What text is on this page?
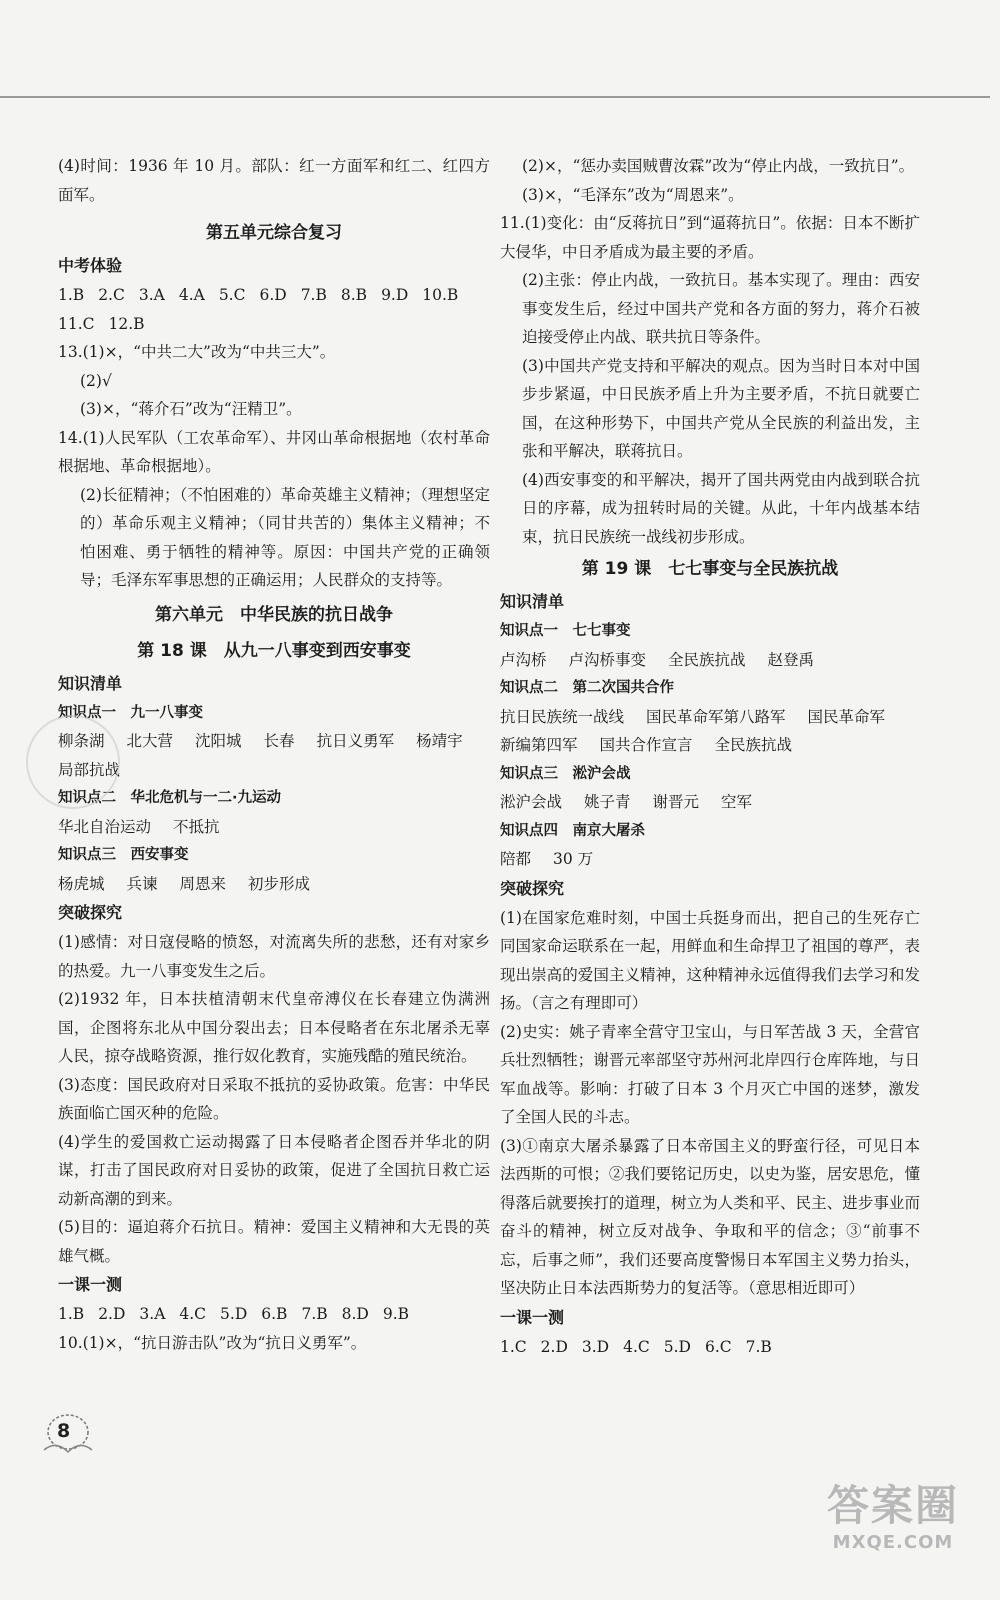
(4)时间：1936 年 10 月。部队：红一方面军和红二、红四方面军。

第五单元综合复习
中考体验

1.B 2.C 3.A 4.A 5.C 6.D 7.B 8.B 9.D 10.B

11.C 12.B

13.(1)×，“中共二大”改为“中共三大”。

(2)√

(3)×，“蒋介石”改为“汪精卫”。

14.(1)人民军队（工农革命军）、井冈山革命根据地（农村革命根据地、革命根据地）。

(2)长征精神；（不怕困难的）革命英雄主义精神；（理想坚定的）革命乐观主义精神；（同甘共苦的）集体主义精神；不怕困难、勇于牺牲的精神等。原因：中国共产党的正确领导；毛泽东军事思想的正确运用；人民群众的支持等。

第六单元　中华民族的抗日战争
第 18 课　从九一八事变到西安事变
知识清单
知识点一　九一八事变

柳条湖 北大营 沈阳城 长春 抗日义勇军 杨靖宇

局部抗战

知识点二　华北危机与一二·九运动

华北自治运动 不抵抗

知识点三　西安事变

杨虎城 兵谏 周恩来 初步形成

突破探究

(1)感情：对日寇侵略的愤怒，对流离失所的悲愁，还有对家乡的热爱。九一八事变发生之后。

(2)1932 年，日本扶植清朝末代皇帝溥仪在长春建立伪满洲国，企图将东北从中国分裂出去；日本侵略者在东北屠杀无辜人民，掠夺战略资源，推行奴化教育，实施残酷的殖民统治。

(3)态度：国民政府对日采取不抵抗的妥协政策。危害：中华民族面临亡国灭种的危险。

(4)学生的爱国救亡运动揭露了日本侵略者企图吞并华北的阴谋，打击了国民政府对日妥协的政策，促进了全国抗日救亡运动新高潮的到来。

(5)目的：逼迫蒋介石抗日。精神：爱国主义精神和大无畏的英雄气概。

一课一测

1.B 2.D 3.A 4.C 5.D 6.B 7.B 8.D 9.B

10.(1)×，“抗日游击队”改为“抗日义勇军”。

(2)×，“惩办卖国贼曹汝霖”改为“停止内战，一致抗日”。

(3)×，“毛泽东”改为“周恩来”。

11.(1)变化：由“反蒋抗日”到“逼蒋抗日”。依据：日本不断扩大侵华，中日矛盾成为最主要的矛盾。

(2)主张：停止内战，一致抗日。基本实现了。理由：西安事变发生后，经过中国共产党和各方面的努力，蒋介石被迫接受停止内战、联共抗日等条件。

(3)中国共产党支持和平解决的观点。因为当时日本对中国步步紧逼，中日民族矛盾上升为主要矛盾，不抗日就要亡国，在这种形势下，中国共产党从全民族的利益出发，主张和平解决，联蒋抗日。

(4)西安事变的和平解决，揭开了国共两党由内战到联合抗日的序幕，成为扭转时局的关键。从此，十年内战基本结束，抗日民族统一战线初步形成。

第 19 课　七七事变与全民族抗战
知识清单
知识点一　七七事变

卢沟桥 卢沟桥事变 全民族抗战 赵登禹

知识点二　第二次国共合作

抗日民族统一战线 国民革命军第八路军 国民革命军

新编第四军 国共合作宣言 全民族抗战

知识点三　淞沪会战

淞沪会战 姚子青 谢晋元 空军

知识点四　南京大屠杀

陪都 30 万

突破探究

(1)在国家危难时刻，中国士兵挺身而出，把自己的生死存亡同国家命运联系在一起，用鲜血和生命捍卫了祖国的尊严，表现出崇高的爱国主义精神，这种精神永远值得我们去学习和发扬。（言之有理即可）

(2)史实：姚子青率全营守卫宝山，与日军苦战 3 天，全营官兵壮烈牺牲；谢晋元率部坚守苏州河北岸四行仓库阵地，与日军血战等。影响：打破了日本 3 个月灭亡中国的迷梦，激发了全国人民的斗志。

(3)①南京大屠杀暴露了日本帝国主义的野蛮行径，可见日本法西斯的可恨；②我们要铭记历史，以史为鉴，居安思危，懂得落后就要挨打的道理，树立为人类和平、民主、进步事业而奋斗的精神，树立反对战争、争取和平的信念；③“前事不忘，后事之师”，我们还要高度警惕日本军国主义势力抬头，坚决防止日本法西斯势力的复活等。（意思相近即可）

一课一测

1.C 2.D 3.D 4.C 5.D 6.C 7.B

8
答案圈
MXQE.COM
